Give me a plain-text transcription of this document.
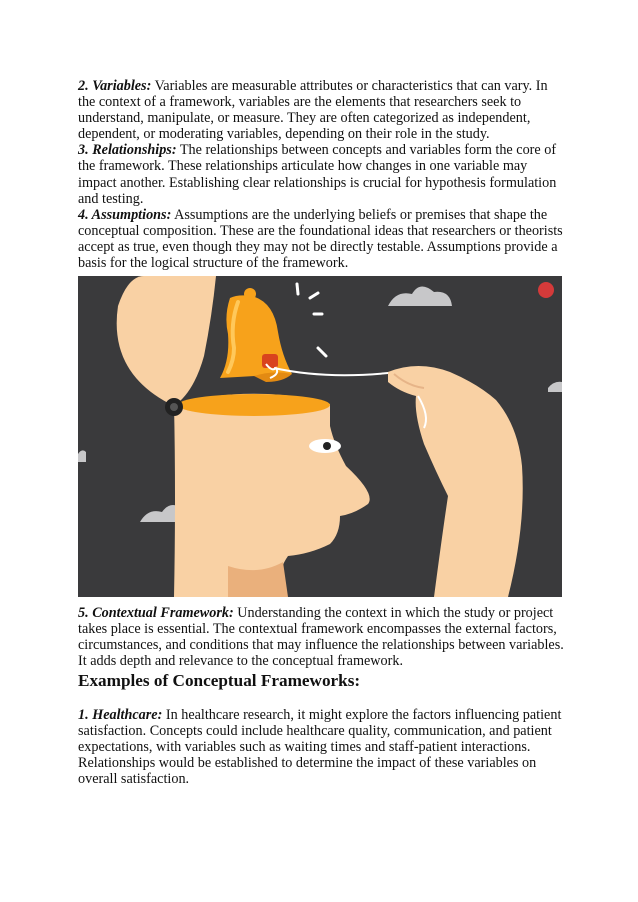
2. Variables: Variables are measurable attributes or characteristics that can vary. In the context of a framework, variables are the elements that researchers seek to understand, manipulate, or measure. They are often categorized as independent, dependent, or moderating variables, depending on their role in the study.

3. Relationships: The relationships between concepts and variables form the core of the framework. These relationships articulate how changes in one variable may impact another. Establishing clear relationships is crucial for hypothesis formulation and testing.

4. Assumptions: Assumptions are the underlying beliefs or premises that shape the conceptual composition. These are the foundational ideas that researchers or theorists accept as true, even though they may not be directly testable. Assumptions provide a basis for the logical structure of the framework.

5. Contextual Framework: Understanding the context in which the study or project takes place is essential. The contextual framework encompasses the external factors, circumstances, and conditions that may influence the relationships between variables. It adds depth and relevance to the conceptual framework.

Examples of Conceptual Frameworks:

1. Healthcare: In healthcare research, it might explore the factors influencing patient satisfaction. Concepts could include healthcare quality, communication, and patient expectations, with variables such as waiting times and staff-patient interactions. Relationships would be established to determine the impact of these variables on overall satisfaction.
